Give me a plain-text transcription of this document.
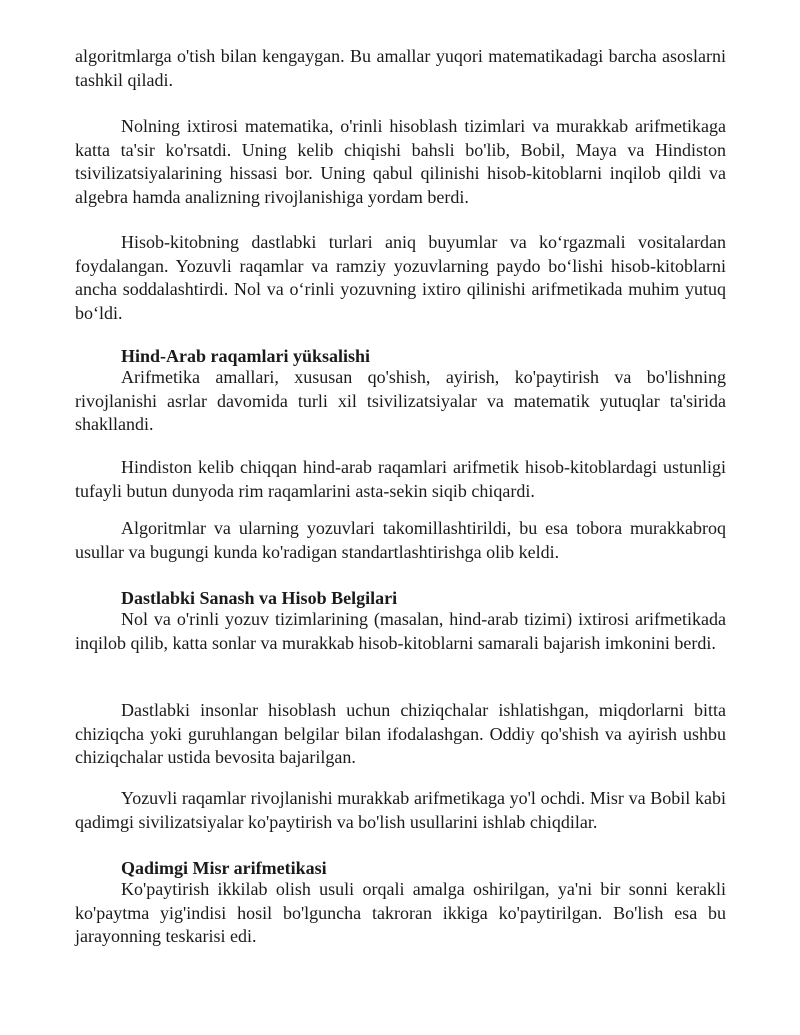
algoritmlarga o'tish bilan kengaygan. Bu amallar yuqori matematikadagi barcha asoslarni tashkil qiladi.

Nolning ixtirosi matematika, o'rinli hisoblash tizimlari va murakkab arifmetikaga katta ta'sir ko'rsatdi. Uning kelib chiqishi bahsli bo'lib, Bobil, Maya va Hindiston tsivilizatsiyalarining hissasi bor. Uning qabul qilinishi hisob-kitoblarni inqilob qildi va algebra hamda analizning rivojlanishiga yordam berdi.

Hisob-kitobning dastlabki turlari aniq buyumlar va koʻrgazmali vositalardan foydalangan. Yozuvli raqamlar va ramziy yozuvlarning paydo boʻlishi hisob-kitoblarni ancha soddalashtirdi. Nol va oʻrinli yozuvning ixtiro qilinishi arifmetikada muhim yutuq boʻldi.

Hind-Arab raqamlari yüksalishi

Arifmetika amallari, xususan qo'shish, ayirish, ko'paytirish va bo'lishning rivojlanishi asrlar davomida turli xil tsivilizatsiyalar va matematik yutuqlar ta'sirida shakllandi.

Hindiston kelib chiqqan hind-arab raqamlari arifmetik hisob-kitoblardagi ustunligi tufayli butun dunyoda rim raqamlarini asta-sekin siqib chiqardi.

Algoritmlar va ularning yozuvlari takomillashtirildi, bu esa tobora murakkabroq usullar va bugungi kunda ko'radigan standartlashtirishga olib keldi.

Dastlabki Sanash va Hisob Belgilari

Nol va o'rinli yozuv tizimlarining (masalan, hind-arab tizimi) ixtirosi arifmetikada inqilob qilib, katta sonlar va murakkab hisob-kitoblarni samarali bajarish imkonini berdi.

Dastlabki insonlar hisoblash uchun chiziqchalar ishlatishgan, miqdorlarni bitta chiziqcha yoki guruhlangan belgilar bilan ifodalashgan. Oddiy qo'shish va ayirish ushbu chiziqchalar ustida bevosita bajarilgan.

Yozuvli raqamlar rivojlanishi murakkab arifmetikaga yo'l ochdi. Misr va Bobil kabi qadimgi sivilizatsiyalar ko'paytirish va bo'lish usullarini ishlab chiqdilar.

Qadimgi Misr arifmetikasi

Ko'paytirish ikkilab olish usuli orqali amalga oshirilgan, ya'ni bir sonni kerakli ko'paytma yig'indisi hosil bo'lguncha takroran ikkiga ko'paytirilgan. Bo'lish esa bu jarayonning teskarisi edi.
